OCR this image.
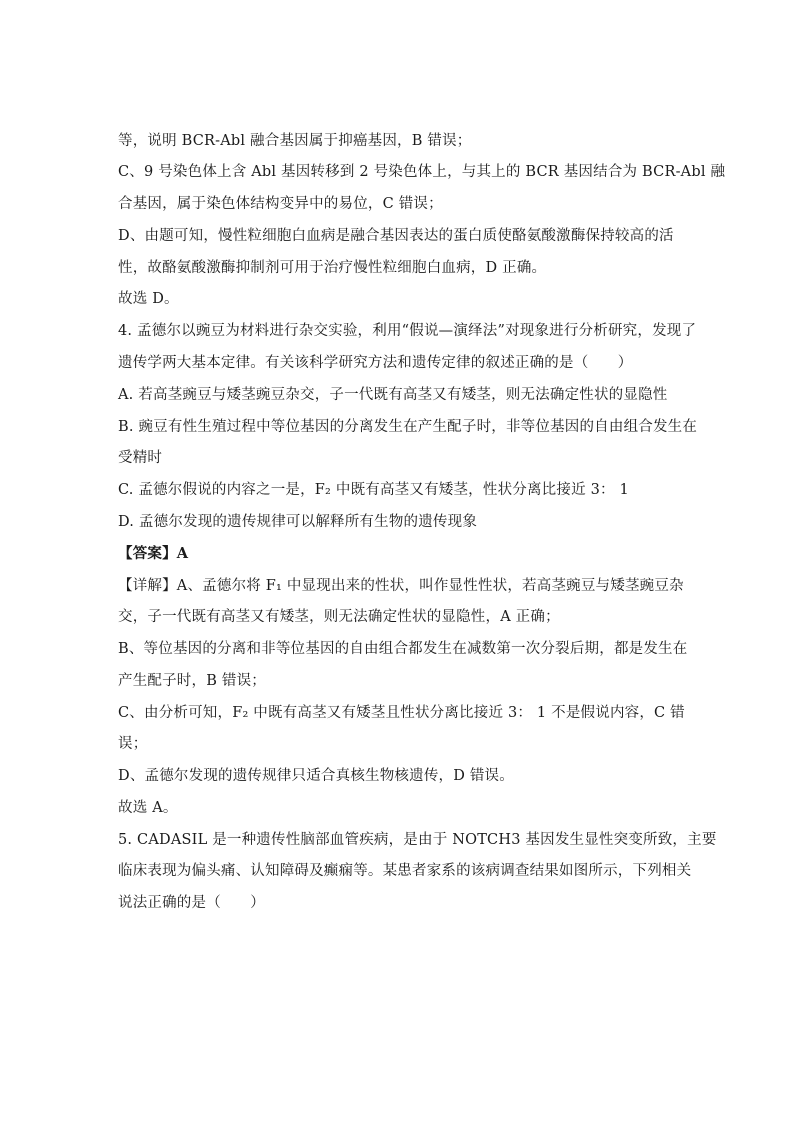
等，说明 BCR-Abl 融合基因属于抑癌基因，B 错误；
C、9 号染色体上含 Abl 基因转移到 2 号染色体上，与其上的 BCR 基因结合为 BCR-Abl 融
合基因，属于染色体结构变异中的易位，C 错误；
D、由题可知，慢性粒细胞白血病是融合基因表达的蛋白质使酪氨酸激酶保持较高的活
性，故酪氨酸激酶抑制剂可用于治疗慢性粒细胞白血病，D 正确。
故选 D。
4. 孟德尔以豌豆为材料进行杂交实验，利用“假说—演绎法”对现象进行分析研究，发现了
遗传学两大基本定律。有关该科学研究方法和遗传定律的叙述正确的是（　　）
A. 若高茎豌豆与矮茎豌豆杂交，子一代既有高茎又有矮茎，则无法确定性状的显隐性
B. 豌豆有性生殖过程中等位基因的分离发生在产生配子时，非等位基因的自由组合发生在
受精时
C. 孟德尔假说的内容之一是，F₂ 中既有高茎又有矮茎，性状分离比接近 3： 1
D. 孟德尔发现的遗传规律可以解释所有生物的遗传现象
【答案】A
【详解】A、孟德尔将 F₁ 中显现出来的性状，叫作显性性状，若高茎豌豆与矮茎豌豆杂
交，子一代既有高茎又有矮茎，则无法确定性状的显隐性，A 正确；
B、等位基因的分离和非等位基因的自由组合都发生在减数第一次分裂后期，都是发生在
产生配子时，B 错误；
C、由分析可知，F₂ 中既有高茎又有矮茎且性状分离比接近 3： 1 不是假说内容，C 错
误；
D、孟德尔发现的遗传规律只适合真核生物核遗传，D 错误。
故选 A。
5. CADASIL 是一种遗传性脑部血管疾病，是由于 NOTCH3 基因发生显性突变所致，主要
临床表现为偏头痛、认知障碍及癫痫等。某患者家系的该病调查结果如图所示，下列相关
说法正确的是（　　）
